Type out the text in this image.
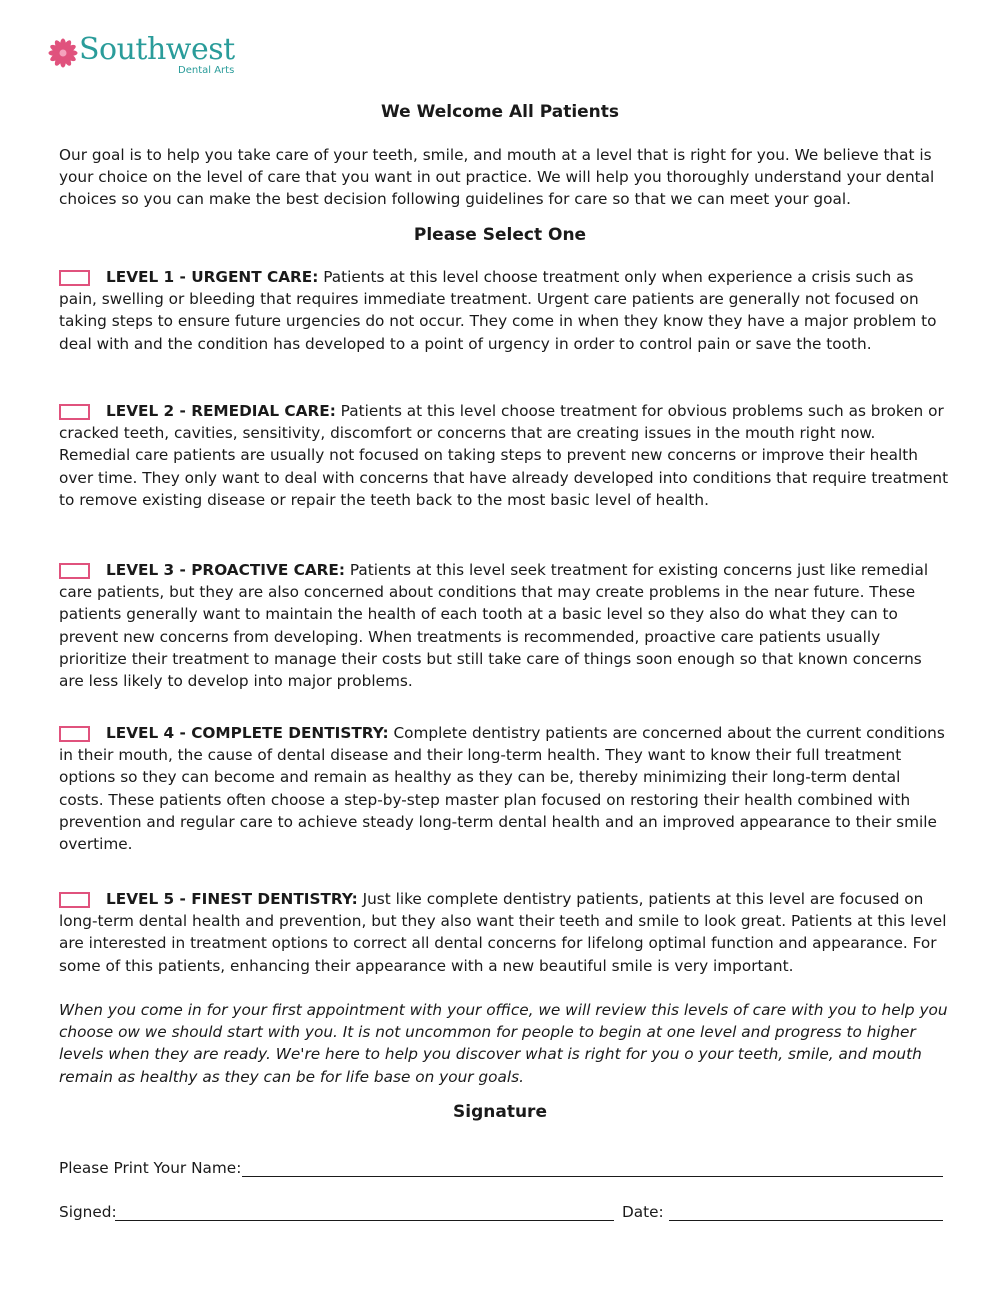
Southwest
Dental Arts
We Welcome All Patients
Our goal is to help you take care of your teeth, smile, and mouth at a level that is right for you. We believe that is your choice on the level of care that you want in out practice. We will help you thoroughly understand your dental choices so you can make the best decision following guidelines for care so that we can meet your goal.
Please Select One
LEVEL 1 - URGENT CARE: Patients at this level choose treatment only when experience a crisis such as pain, swelling or bleeding that requires immediate treatment. Urgent care patients are generally not focused on taking steps to ensure future urgencies do not occur. They come in when they know they have a major problem to deal with and the condition has developed to a point of urgency in order to control pain or save the tooth.
LEVEL 2 - REMEDIAL CARE: Patients at this level choose treatment for obvious problems such as broken or cracked teeth, cavities, sensitivity, discomfort or concerns that are creating issues in the mouth right now. Remedial care patients are usually not focused on taking steps to prevent new concerns or improve their health over time. They only want to deal with concerns that have already developed into conditions that require treatment to remove existing disease or repair the teeth back to the most basic level of health.
LEVEL 3 - PROACTIVE CARE: Patients at this level seek treatment for existing concerns just like remedial care patients, but they are also concerned about conditions that may create problems in the near future. These patients generally want to maintain the health of each tooth at a basic level so they also do what they can to prevent new concerns from developing. When treatments is recommended, proactive care patients usually prioritize their treatment to manage their costs but still take care of things soon enough so that known concerns are less likely to develop into major problems.
LEVEL 4 - COMPLETE DENTISTRY: Complete dentistry patients are concerned about the current conditions in their mouth, the cause of dental disease and their long-term health. They want to know their full treatment options so they can become and remain as healthy as they can be, thereby minimizing their long-term dental costs. These patients often choose a step-by-step master plan focused on restoring their health combined with prevention and regular care to achieve steady long-term dental health and an improved appearance to their smile overtime.
LEVEL 5 - FINEST DENTISTRY: Just like complete dentistry patients, patients at this level are focused on long-term dental health and prevention, but they also want their teeth and smile to look great. Patients at this level are interested in treatment options to correct all dental concerns for lifelong optimal function and appearance. For some of this patients, enhancing their appearance with a new beautiful smile is very important.
When you come in for your first appointment with your office, we will review this levels of care with you to help you choose ow we should start with you. It is not uncommon for people to begin at one level and progress to higher levels when they are ready. We're here to help you discover what is right for you o your teeth, smile, and mouth remain as healthy as they can be for life base on your goals.
Signature
Please Print Your Name:
Signed:	Date:
